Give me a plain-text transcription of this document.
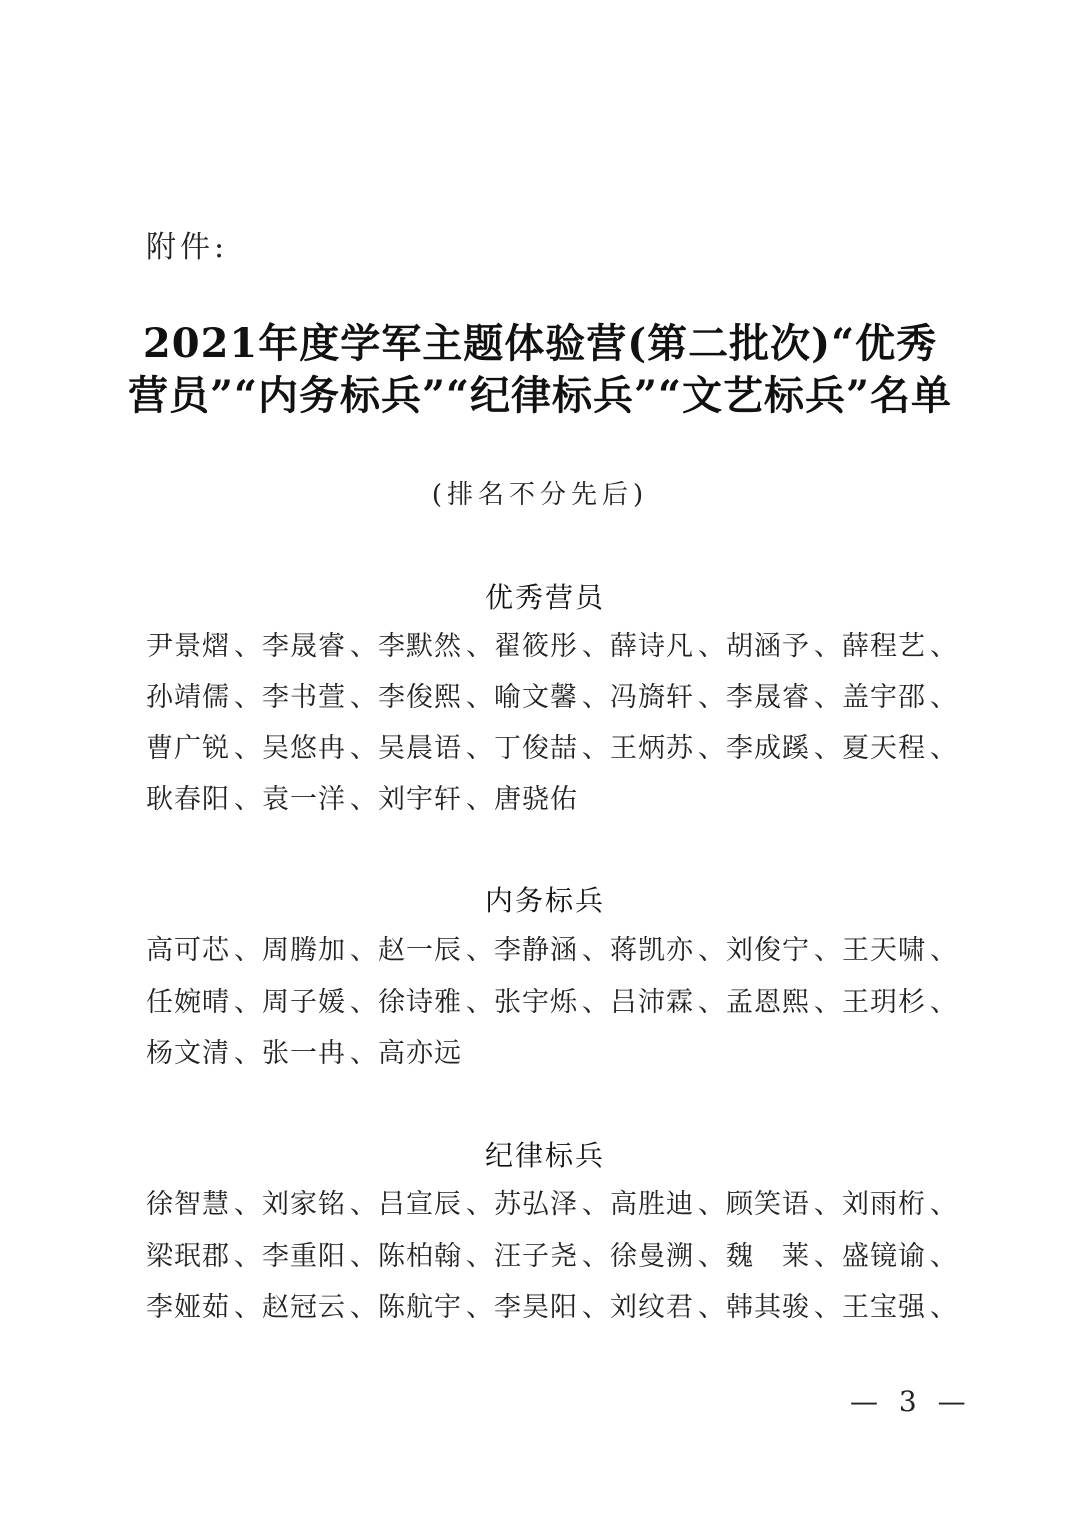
附件:
2021年度学军主题体验营(第二批次)“优秀
营员”“内务标兵”“纪律标兵”“文艺标兵”名单
(排名不分先后)
优秀营员
尹景熠 、 李晟睿 、 李默然 、 翟筱彤 、 薛诗凡 、 胡涵予 、 薛程艺 、
孙靖儒 、 李书萱 、 李俊熙 、 喻文馨 、 冯旖轩 、 李晟睿 、 盖宇邵 、
曹广锐 、 吴悠冉 、 吴晨语 、 丁俊喆 、 王炳苏 、 李成蹊 、 夏天程 、
耿春阳 、 袁一洋 、 刘宇轩 、 唐骁佑
内务标兵
高可芯 、 周腾加 、 赵一辰 、 李静涵 、 蒋凯亦 、 刘俊宁 、 王天啸 、
任婉晴 、 周子媛 、 徐诗雅 、 张宇烁 、 吕沛霖 、 孟恩熙 、 王玥杉 、
杨文清 、 张一冉 、 高亦远
纪律标兵
徐智慧 、 刘家铭 、 吕宣辰 、 苏弘泽 、 高胜迪 、 顾笑语 、 刘雨桁 、
梁珉郡 、 李重阳 、 陈柏翰 、 汪子尧 、 徐曼溯 、 魏　莱 、 盛镜谕 、
李娅茹 、 赵冠云 、 陈航宇 、 李昊阳 、 刘纹君 、 韩其骏 、 王宝强 、
— 3 —
